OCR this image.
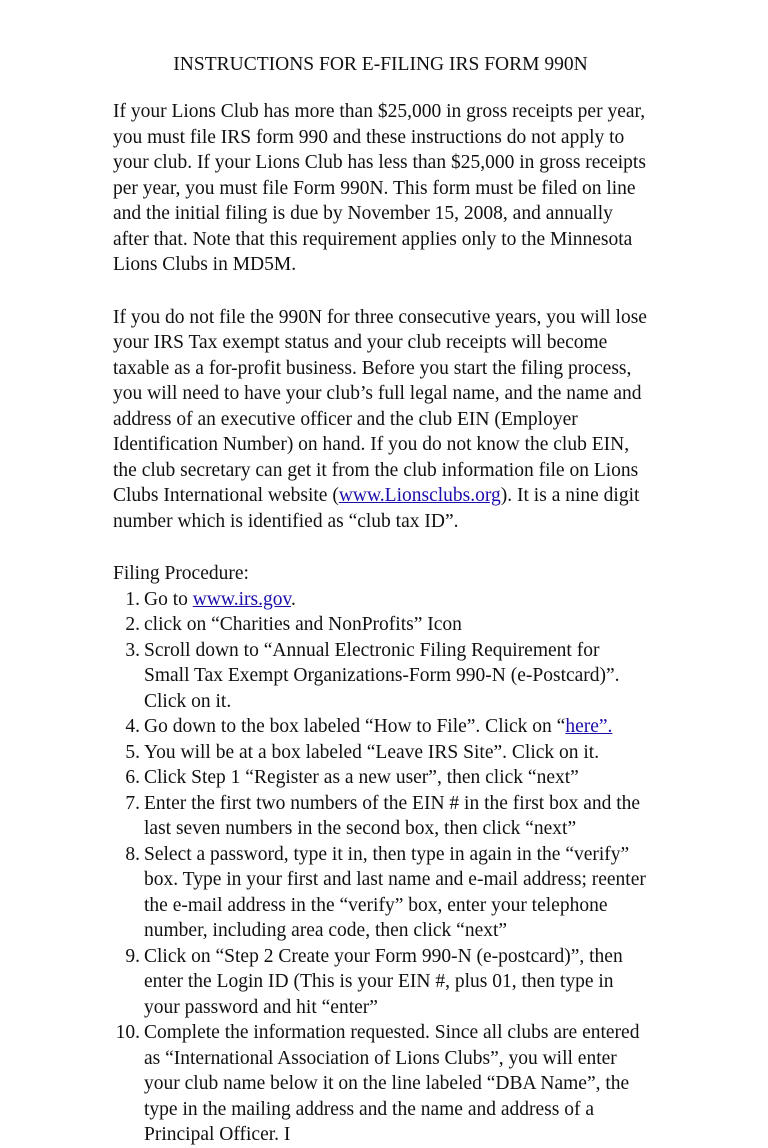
INSTRUCTIONS FOR E-FILING IRS FORM 990N

If your Lions Club has more than $25,000 in gross receipts per year, you must file IRS form 990 and these instructions do not apply to your club. If your Lions Club has less than $25,000 in gross receipts per year, you must file Form 990N. This form must be filed on line and the initial filing is due by November 15, 2008, and annually after that. Note that this requirement applies only to the Minnesota Lions Clubs in MD5M.

If you do not file the 990N for three consecutive years, you will lose your IRS Tax exempt status and your club receipts will become taxable as a for-profit business. Before you start the filing process, you will need to have your club’s full legal name, and the name and address of an executive officer and the club EIN (Employer Identification Number) on hand. If you do not know the club EIN, the club secretary can get it from the club information file on Lions Clubs International website (www.Lionsclubs.org). It is a nine digit number which is identified as “club tax ID”.

Filing Procedure:
1. Go to www.irs.gov.
2. click on “Charities and NonProfits” Icon
3. Scroll down to “Annual Electronic Filing Requirement for Small Tax Exempt Organizations-Form 990-N (e-Postcard)”. Click on it.
4. Go down to the box labeled “How to File”. Click on “here”.
5. You will be at a box labeled “Leave IRS Site”. Click on it.
6. Click Step 1 “Register as a new user”, then click “next”
7. Enter the first two numbers of the EIN # in the first box and the last seven numbers in the second box, then click “next”
8. Select a password, type it in, then type in again in the “verify” box. Type in your first and last name and e-mail address; reenter the e-mail address in the “verify” box, enter your telephone number, including area code, then click “next”
9. Click on “Step 2 Create your Form 990-N (e-postcard)”, then enter the Login ID (This is your EIN #, plus 01, then type in your password and hit “enter”
10. Complete the information requested. Since all clubs are entered as “International Association of Lions Clubs”, you will enter your club name below it on the line labeled “DBA Name”, the type in the mailing address and the name and address of a Principal Officer. I
